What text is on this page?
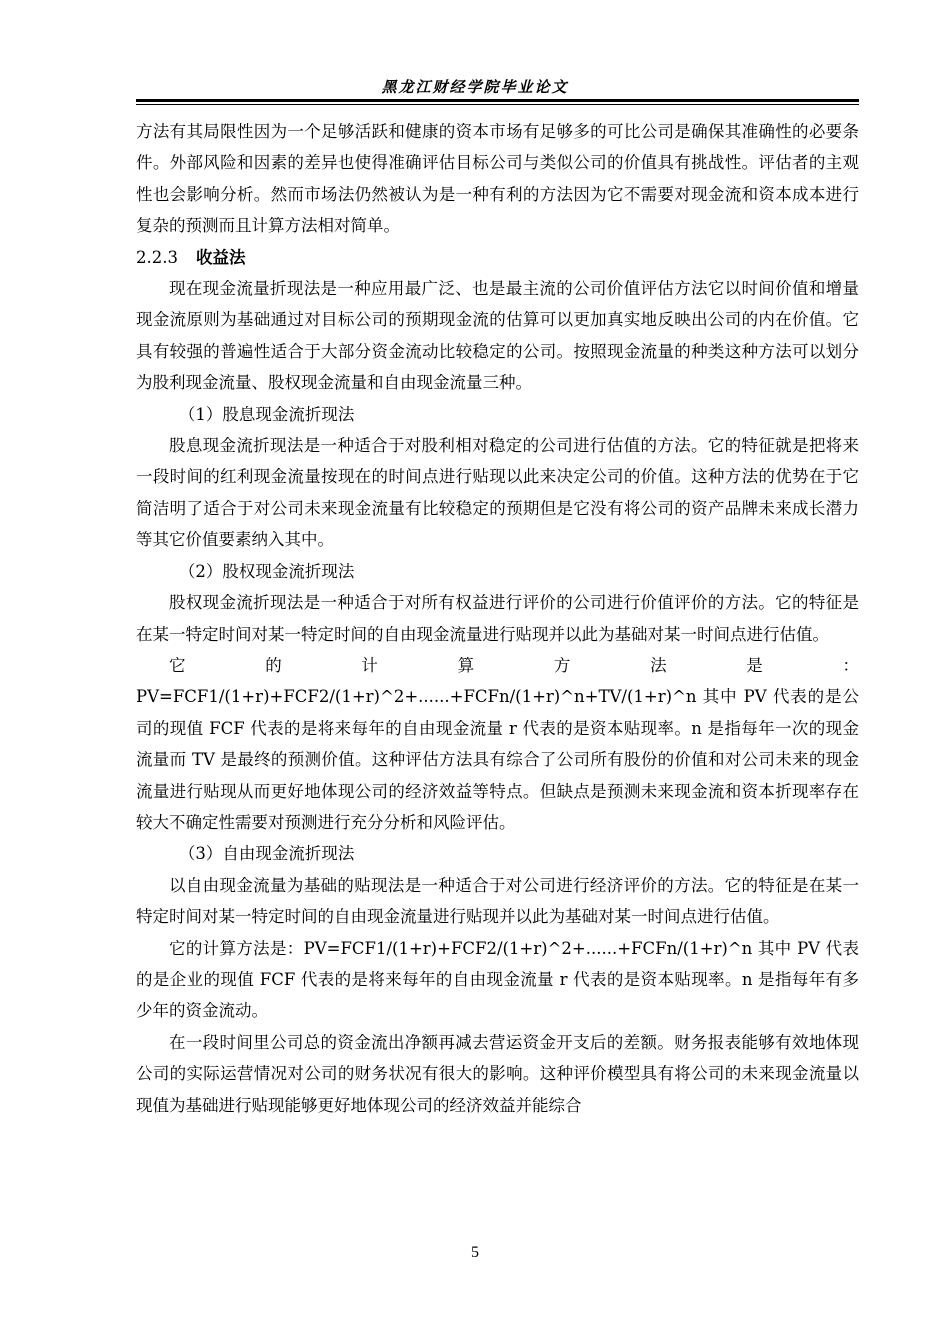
黑龙江财经学院毕业论文

方法有其局限性因为一个足够活跃和健康的资本市场有足够多的可比公司是确保其准确性的必要条件。外部风险和因素的差异也使得准确评估目标公司与类似公司的价值具有挑战性。评估者的主观性也会影响分析。然而市场法仍然被认为是一种有利的方法因为它不需要对现金流和资本成本进行复杂的预测而且计算方法相对简单。

2.2.3 收益法

现在现金流量折现法是一种应用最广泛、也是最主流的公司价值评估方法它以时间价值和增量现金流原则为基础通过对目标公司的预期现金流的估算可以更加真实地反映出公司的内在价值。它具有较强的普遍性适合于大部分资金流动比较稳定的公司。按照现金流量的种类这种方法可以划分为股利现金流量、股权现金流量和自由现金流量三种。

（1）股息现金流折现法

股息现金流折现法是一种适合于对股利相对稳定的公司进行估值的方法。它的特征就是把将来一段时间的红利现金流量按现在的时间点进行贴现以此来决定公司的价值。这种方法的优势在于它简洁明了适合于对公司未来现金流量有比较稳定的预期但是它没有将公司的资产品牌未来成长潜力等其它价值要素纳入其中。

（2）股权现金流折现法

股权现金流折现法是一种适合于对所有权益进行评价的公司进行价值评价的方法。它的特征是在某一特定时间对某一特定时间的自由现金流量进行贴现并以此为基础对某一时间点进行估值。

它的计算方法是：PV=FCF1/(1+r)+FCF2/(1+r)^2+......+FCFn/(1+r)^n+TV/(1+r)^n 其中 PV 代表的是公司的现值 FCF 代表的是将来每年的自由现金流量 r 代表的是资本贴现率。n 是指每年一次的现金流量而 TV 是最终的预测价值。这种评估方法具有综合了公司所有股份的价值和对公司未来的现金流量进行贴现从而更好地体现公司的经济效益等特点。但缺点是预测未来现金流和资本折现率存在较大不确定性需要对预测进行充分分析和风险评估。

（3）自由现金流折现法

以自由现金流量为基础的贴现法是一种适合于对公司进行经济评价的方法。它的特征是在某一特定时间对某一特定时间的自由现金流量进行贴现并以此为基础对某一时间点进行估值。

它的计算方法是：PV=FCF1/(1+r)+FCF2/(1+r)^2+......+FCFn/(1+r)^n 其中 PV 代表的是企业的现值 FCF 代表的是将来每年的自由现金流量 r 代表的是资本贴现率。n 是指每年有多少年的资金流动。

在一段时间里公司总的资金流出净额再减去营运资金开支后的差额。财务报表能够有效地体现公司的实际运营情况对公司的财务状况有很大的影响。这种评价模型具有将公司的未来现金流量以现值为基础进行贴现能够更好地体现公司的经济效益并能综合

5
